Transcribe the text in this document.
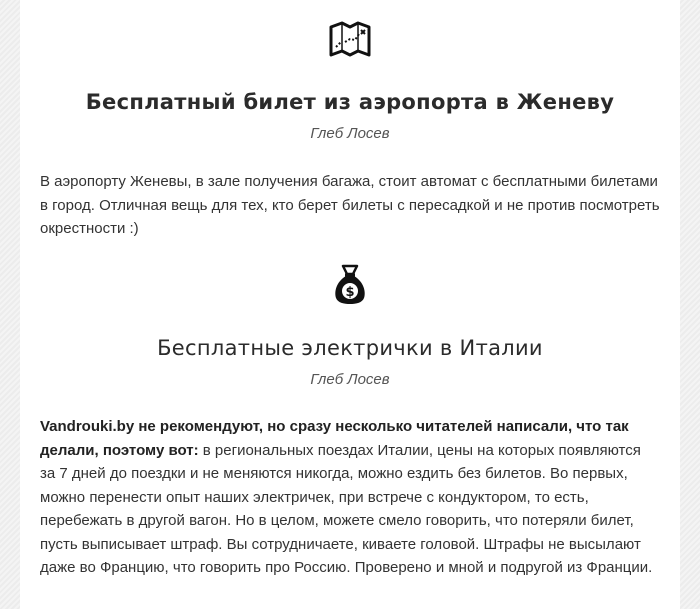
Бесплатный билет из аэропорта в Женеву
Глеб Лосев

В аэропорту Женевы, в зале получения багажа, стоит автомат с бесплатными билетами в город. Отличная вещь для тех, кто берет билеты с пересадкой и не против посмотреть окрестности :)

$
Бесплатные электрички в Италии
Глеб Лосев

Vandrouki.by не рекомендуют, но сразу несколько читателей написали, что так делали, поэтому вот: в региональных поездах Италии, цены на которых появляются за 7 дней до поездки и не меняются никогда, можно ездить без билетов. Во первых, можно перенести опыт наших электричек, при встрече с кондуктором, то есть, перебежать в другой вагон. Но в целом, можете смело говорить, что потеряли билет, пусть выписывает штраф. Вы сотрудничаете, киваете головой. Штрафы не высылают даже во Францию, что говорить про Россию. Проверено и мной и подругой из Франции.
